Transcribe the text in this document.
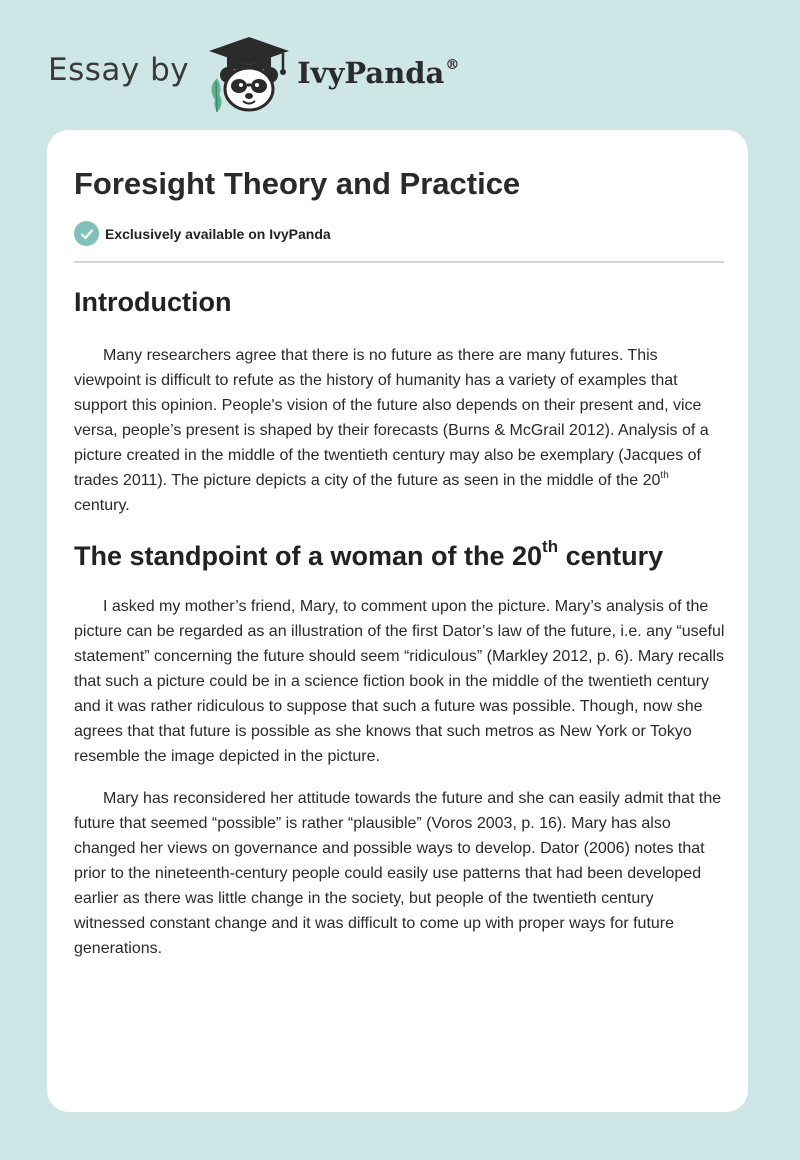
Essay by	IvyPanda®
Foresight Theory and Practice
Exclusively available on IvyPanda
Introduction

Many researchers agree that there is no future as there are many futures. This viewpoint is difficult to refute as the history of humanity has a variety of examples that support this opinion. People's vision of the future also depends on their present and, vice versa, people’s present is shaped by their forecasts (Burns & McGrail 2012). Analysis of a picture created in the middle of the twentieth century may also be exemplary (Jacques of trades 2011). The picture depicts a city of the future as seen in the middle of the 20th century.

The standpoint of a woman of the 20th century

I asked my mother’s friend, Mary, to comment upon the picture. Mary’s analysis of the picture can be regarded as an illustration of the first Dator’s law of the future, i.e. any “useful statement” concerning the future should seem “ridiculous” (Markley 2012, p. 6). Mary recalls that such a picture could be in a science fiction book in the middle of the twentieth century and it was rather ridiculous to suppose that such a future was possible. Though, now she agrees that that future is possible as she knows that such metros as New York or Tokyo resemble the image depicted in the picture.

Mary has reconsidered her attitude towards the future and she can easily admit that the future that seemed “possible” is rather “plausible” (Voros 2003, p. 16). Mary has also changed her views on governance and possible ways to develop. Dator (2006) notes that prior to the nineteenth-century people could easily use patterns that had been developed earlier as there was little change in the society, but people of the twentieth century witnessed constant change and it was difficult to come up with proper ways for future generations.
